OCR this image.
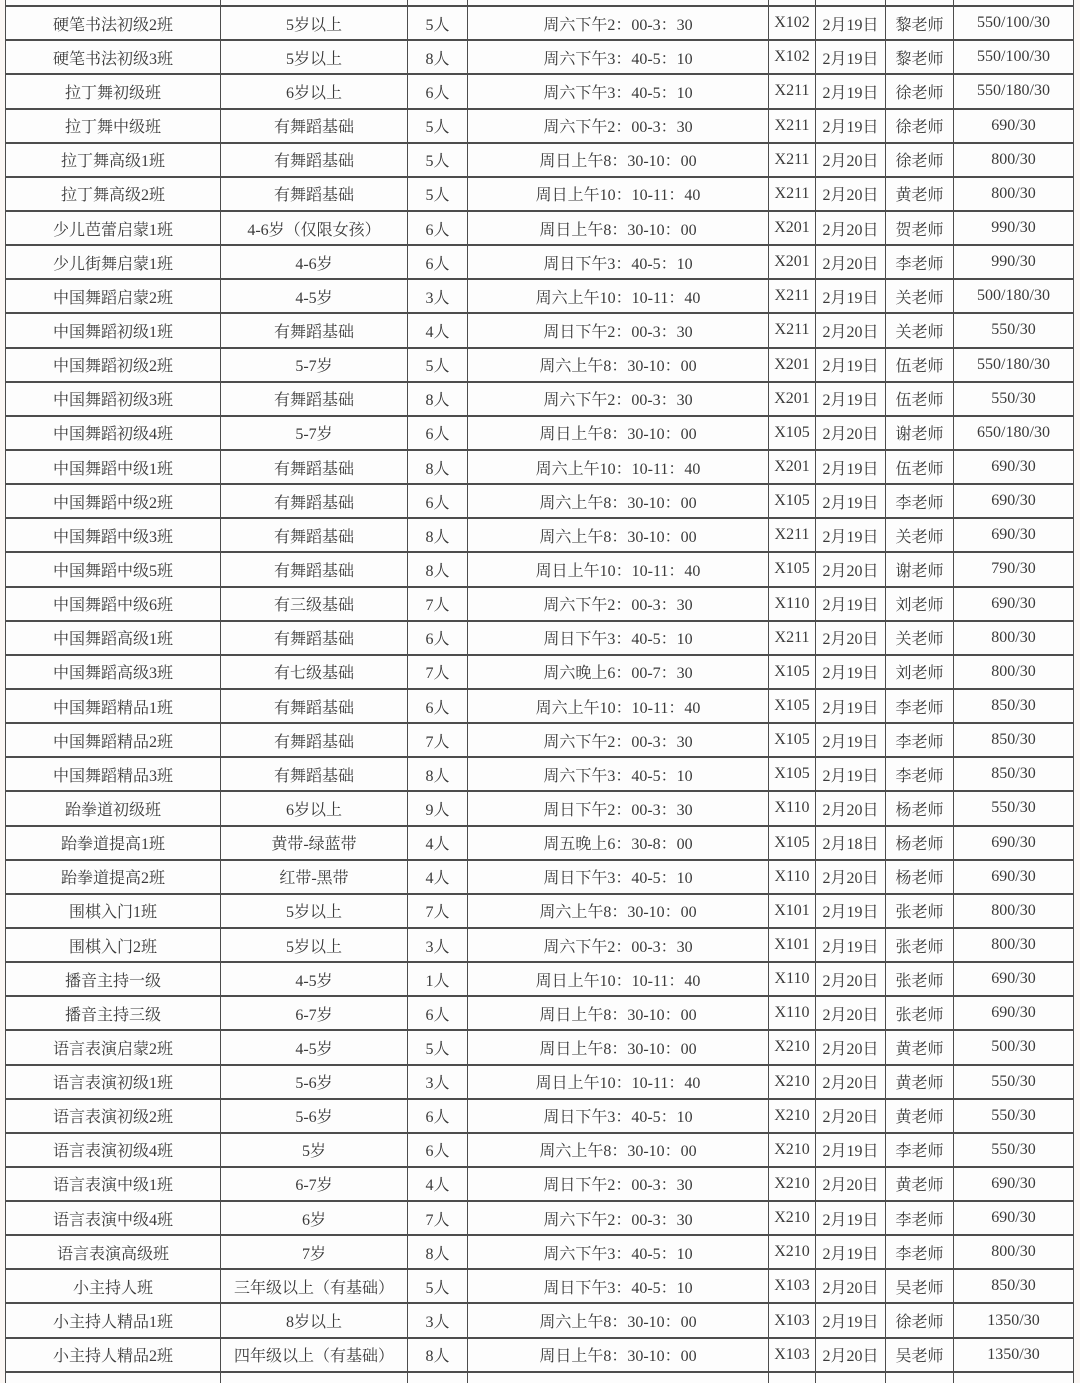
硬笔书法初级2班	5岁以上	5人	周六下午2：00-3：30	X102	2月19日	黎老师	550/100/30
硬笔书法初级3班	5岁以上	8人	周六下午3：40-5：10	X102	2月19日	黎老师	550/100/30
拉丁舞初级班	6岁以上	6人	周六下午3：40-5：10	X211	2月19日	徐老师	550/180/30
拉丁舞中级班	有舞蹈基础	5人	周六下午2：00-3：30	X211	2月19日	徐老师	690/30
拉丁舞高级1班	有舞蹈基础	5人	周日上午8：30-10：00	X211	2月20日	徐老师	800/30
拉丁舞高级2班	有舞蹈基础	5人	周日上午10：10-11：40	X211	2月20日	黄老师	800/30
少儿芭蕾启蒙1班	4-6岁（仅限女孩）	6人	周日上午8：30-10：00	X201	2月20日	贺老师	990/30
少儿街舞启蒙1班	4-6岁	6人	周日下午3：40-5：10	X201	2月20日	李老师	990/30
中国舞蹈启蒙2班	4-5岁	3人	周六上午10：10-11：40	X211	2月19日	关老师	500/180/30
中国舞蹈初级1班	有舞蹈基础	4人	周日下午2：00-3：30	X211	2月20日	关老师	550/30
中国舞蹈初级2班	5-7岁	5人	周六上午8：30-10：00	X201	2月19日	伍老师	550/180/30
中国舞蹈初级3班	有舞蹈基础	8人	周六下午2：00-3：30	X201	2月19日	伍老师	550/30
中国舞蹈初级4班	5-7岁	6人	周日上午8：30-10：00	X105	2月20日	谢老师	650/180/30
中国舞蹈中级1班	有舞蹈基础	8人	周六上午10：10-11：40	X201	2月19日	伍老师	690/30
中国舞蹈中级2班	有舞蹈基础	6人	周六上午8：30-10：00	X105	2月19日	李老师	690/30
中国舞蹈中级3班	有舞蹈基础	8人	周六上午8：30-10：00	X211	2月19日	关老师	690/30
中国舞蹈中级5班	有舞蹈基础	8人	周日上午10：10-11：40	X105	2月20日	谢老师	790/30
中国舞蹈中级6班	有三级基础	7人	周六下午2：00-3：30	X110	2月19日	刘老师	690/30
中国舞蹈高级1班	有舞蹈基础	6人	周日下午3：40-5：10	X211	2月20日	关老师	800/30
中国舞蹈高级3班	有七级基础	7人	周六晚上6：00-7：30	X105	2月19日	刘老师	800/30
中国舞蹈精品1班	有舞蹈基础	6人	周六上午10：10-11：40	X105	2月19日	李老师	850/30
中国舞蹈精品2班	有舞蹈基础	7人	周六下午2：00-3：30	X105	2月19日	李老师	850/30
中国舞蹈精品3班	有舞蹈基础	8人	周六下午3：40-5：10	X105	2月19日	李老师	850/30
跆拳道初级班	6岁以上	9人	周日下午2：00-3：30	X110	2月20日	杨老师	550/30
跆拳道提高1班	黄带-绿蓝带	4人	周五晚上6：30-8：00	X105	2月18日	杨老师	690/30
跆拳道提高2班	红带-黑带	4人	周日下午3：40-5：10	X110	2月20日	杨老师	690/30
围棋入门1班	5岁以上	7人	周六上午8：30-10：00	X101	2月19日	张老师	800/30
围棋入门2班	5岁以上	3人	周六下午2：00-3：30	X101	2月19日	张老师	800/30
播音主持一级	4-5岁	1人	周日上午10：10-11：40	X110	2月20日	张老师	690/30
播音主持三级	6-7岁	6人	周日上午8：30-10：00	X110	2月20日	张老师	690/30
语言表演启蒙2班	4-5岁	5人	周日上午8：30-10：00	X210	2月20日	黄老师	500/30
语言表演初级1班	5-6岁	3人	周日上午10：10-11：40	X210	2月20日	黄老师	550/30
语言表演初级2班	5-6岁	6人	周日下午3：40-5：10	X210	2月20日	黄老师	550/30
语言表演初级4班	5岁	6人	周六上午8：30-10：00	X210	2月19日	李老师	550/30
语言表演中级1班	6-7岁	4人	周日下午2：00-3：30	X210	2月20日	黄老师	690/30
语言表演中级4班	6岁	7人	周六下午2：00-3：30	X210	2月19日	李老师	690/30
语言表演高级班	7岁	8人	周六下午3：40-5：10	X210	2月19日	李老师	800/30
小主持人班	三年级以上（有基础）	5人	周日下午3：40-5：10	X103	2月20日	吴老师	850/30
小主持人精品1班	8岁以上	3人	周六上午8：30-10：00	X103	2月19日	徐老师	1350/30
小主持人精品2班	四年级以上（有基础）	8人	周日上午8：30-10：00	X103	2月20日	吴老师	1350/30
